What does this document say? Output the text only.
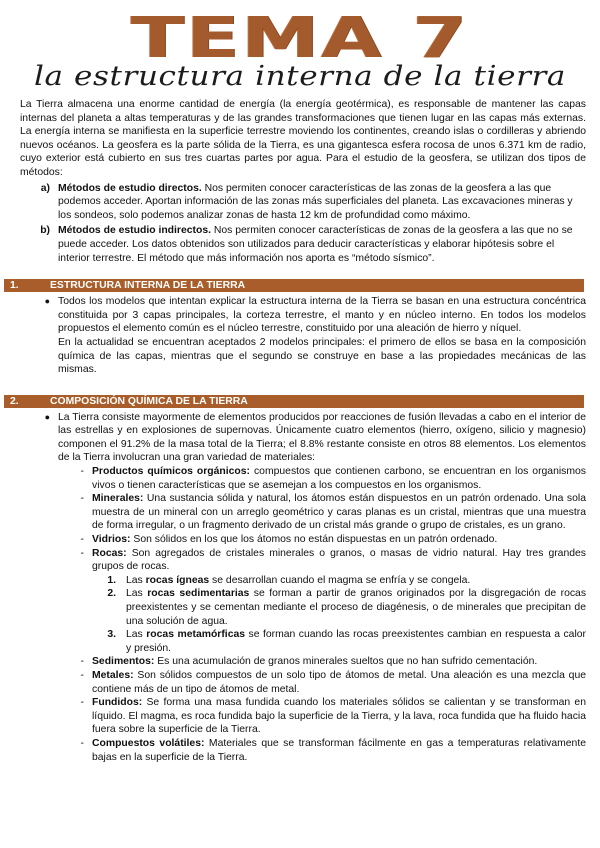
TEMA 7
la estructura interna de la tierra

La Tierra almacena una enorme cantidad de energía (la energía geotérmica), es responsable de mantener las capas internas del planeta a altas temperaturas y de las grandes transformaciones que tienen lugar en las capas más externas. La energía interna se manifiesta en la superficie terrestre moviendo los continentes, creando islas o cordilleras y abriendo nuevos océanos. La geosfera es la parte sólida de la Tierra, es una gigantesca esfera rocosa de unos 6.371 km de radio, cuyo exterior está cubierto en sus tres cuartas partes por agua. Para el estudio de la geosfera, se utilizan dos tipos de métodos:

a) Métodos de estudio directos. Nos permiten conocer características de las zonas de la geosfera a las que podemos acceder. Aportan información de las zonas más superficiales del planeta. Las excavaciones mineras y los sondeos, solo podemos analizar zonas de hasta 12 km de profundidad como máximo.
b) Métodos de estudio indirectos. Nos permiten conocer características de zonas de la geosfera a las que no se puede acceder. Los datos obtenidos son utilizados para deducir características y elaborar hipótesis sobre el interior terrestre. El método que más información nos aporta es “método sísmico”.
1.	ESTRUCTURA INTERNA DE LA TIERRA
● Todos los modelos que intentan explicar la estructura interna de la Tierra se basan en una estructura concéntrica constituida por 3 capas principales, la corteza terrestre, el manto y en núcleo interno. En todos los modelos propuestos el elemento común es el núcleo terrestre, constituido por una aleación de hierro y níquel.

En la actualidad se encuentran aceptados 2 modelos principales: el primero de ellos se basa en la composición química de las capas, mientras que el segundo se construye en base a las propiedades mecánicas de las mismas.

2.	COMPOSICIÓN QUÍMICA DE LA TIERRA
● La Tierra consiste mayormente de elementos producidos por reacciones de fusión llevadas a cabo en el interior de las estrellas y en explosiones de supernovas. Únicamente cuatro elementos (hierro, oxígeno, silicio y magnesio) componen el 91.2% de la masa total de la Tierra; el 8.8% restante consiste en otros 88 elementos. Los elementos de la Tierra involucran una gran variedad de materiales:

- Productos químicos orgánicos: compuestos que contienen carbono, se encuentran en los organismos vivos o tienen características que se asemejan a los compuestos en los organismos.

- Minerales: Una sustancia sólida y natural, los átomos están dispuestos en un patrón ordenado. Una sola muestra de un mineral con un arreglo geométrico y caras planas es un cristal, mientras que una muestra de forma irregular, o un fragmento derivado de un cristal más grande o grupo de cristales, es un grano.

- Vidrios: Son sólidos en los que los átomos no están dispuestas en un patrón ordenado.

- Rocas: Son agregados de cristales minerales o granos, o masas de vidrio natural. Hay tres grandes grupos de rocas.

1. Las rocas ígneas se desarrollan cuando el magma se enfría y se congela.

2. Las rocas sedimentarias se forman a partir de granos originados por la disgregación de rocas preexistentes y se cementan mediante el proceso de diagénesis, o de minerales que precipitan de una solución de agua.

3. Las rocas metamórficas se forman cuando las rocas preexistentes cambian en respuesta a calor y presión.

- Sedimentos: Es una acumulación de granos minerales sueltos que no han sufrido cementación.

- Metales: Son sólidos compuestos de un solo tipo de átomos de metal. Una aleación es una mezcla que contiene más de un tipo de átomos de metal.

- Fundidos: Se forma una masa fundida cuando los materiales sólidos se calientan y se transforman en líquido. El magma, es roca fundida bajo la superficie de la Tierra, y la lava, roca fundida que ha fluido hacia fuera sobre la superficie de la Tierra.

- Compuestos volátiles: Materiales que se transforman fácilmente en gas a temperaturas relativamente bajas en la superficie de la Tierra.
